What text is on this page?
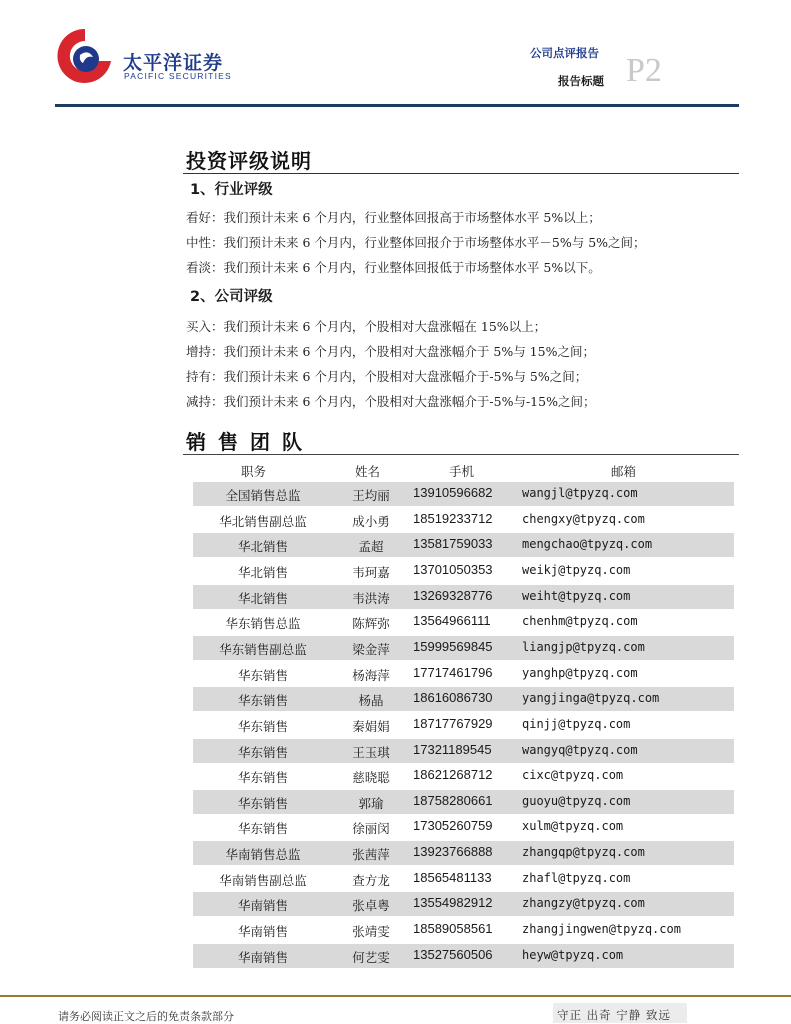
太平洋证券
PACIFIC SECURITIES
公司点评报告
报告标题 P2
投资评级说明
1、行业评级
看好：我们预计未来 6 个月内，行业整体回报高于市场整体水平 5%以上；
中性：我们预计未来 6 个月内，行业整体回报介于市场整体水平－5%与 5%之间；
看淡：我们预计未来 6 个月内，行业整体回报低于市场整体水平 5%以下。
2、公司评级
买入：我们预计未来 6 个月内，个股相对大盘涨幅在 15%以上；
增持：我们预计未来 6 个月内，个股相对大盘涨幅介于 5%与 15%之间；
持有：我们预计未来 6 个月内，个股相对大盘涨幅介于-5%与 5%之间；
减持：我们预计未来 6 个月内，个股相对大盘涨幅介于-5%与-15%之间；
销售团队
职务	姓名	手机	邮箱
全国销售总监	王均丽	13910596682 wangjl@tpyzq.com
华北销售副总监	成小勇	18519233712 chengxy@tpyzq.com
华北销售	孟超	13581759033 mengchao@tpyzq.com
华北销售	韦珂嘉	13701050353 weikj@tpyzq.com
华北销售	韦洪涛	13269328776 weiht@tpyzq.com
华东销售总监	陈辉弥	13564966111	chenhm@tpyzq.com
华东销售副总监	梁金萍	15999569845 liangjp@tpyzq.com
华东销售	杨海萍	17717461796 yanghp@tpyzq.com
华东销售	杨晶	18616086730 yangjinga@tpyzq.com
华东销售	秦娟娟	18717767929 qinjj@tpyzq.com
华东销售	王玉琪	17321189545	wangyq@tpyzq.com
华东销售	慈晓聪	18621268712 cixc@tpyzq.com
华东销售	郭瑜	18758280661 guoyu@tpyzq.com
华东销售	徐丽闵	17305260759 xulm@tpyzq.com
华南销售总监	张茜萍	13923766888 zhangqp@tpyzq.com
华南销售副总监	查方龙	18565481133	zhafl@tpyzq.com
华南销售	张卓粤	13554982912 zhangzy@tpyzq.com
华南销售	张靖雯	18589058561 zhangjingwen@tpyzq.com
华南销售	何艺雯	13527560506 heyw@tpyzq.com
请务必阅读正文之后的免责条款部分	守正 出奇 宁静 致远
